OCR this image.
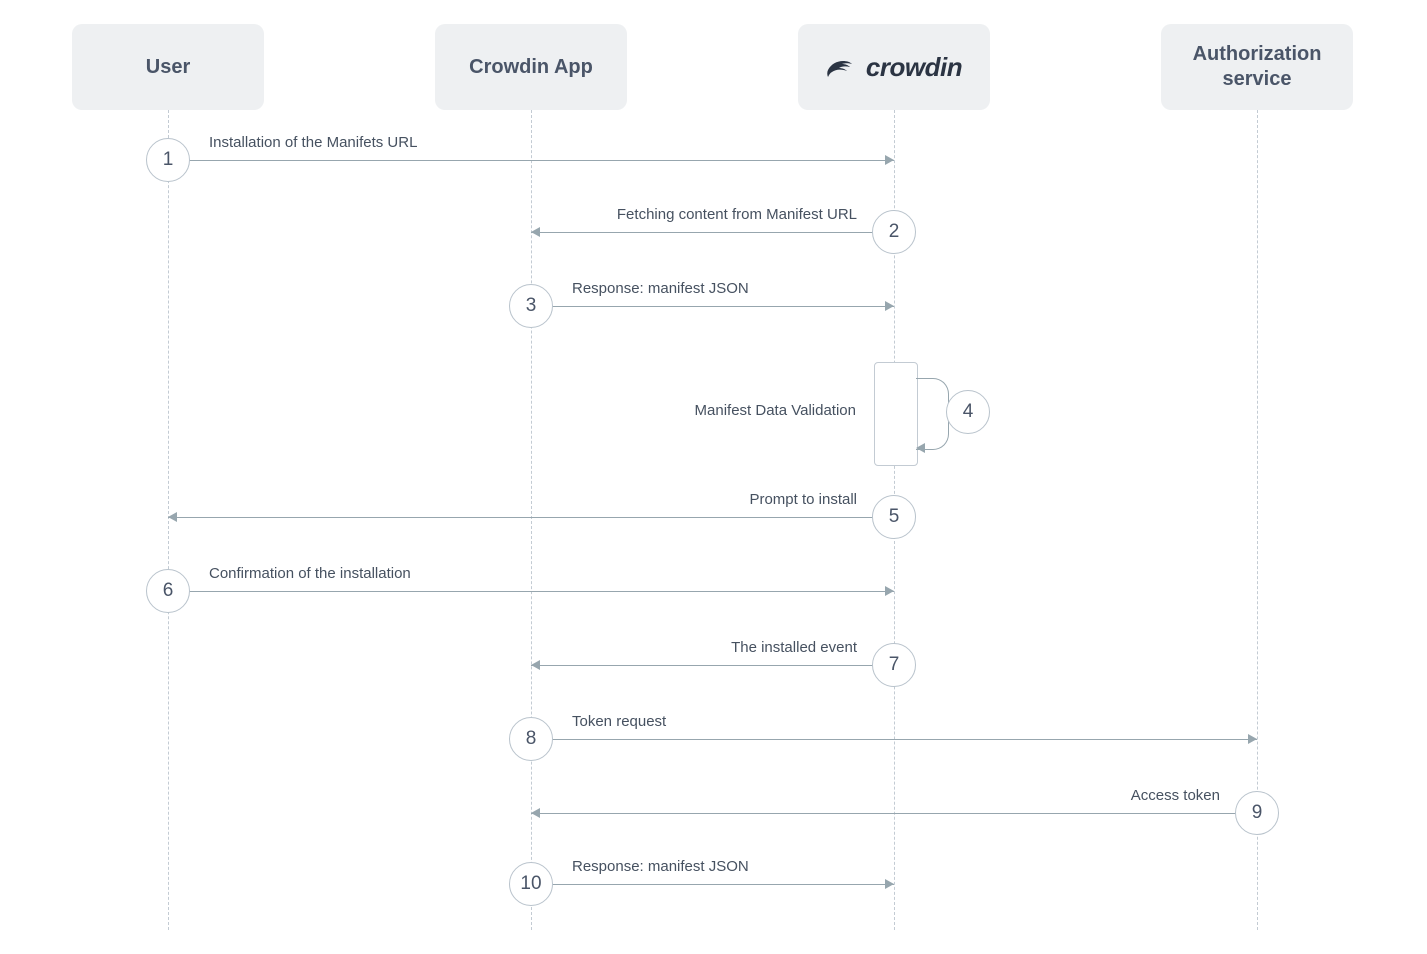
User	Crowdin App	crowdin	Authorization service
Installation of the Manifets URL
1
Fetching content from Manifest URL
2
Response: manifest JSON
3
Manifest Data Validation	4
Prompt to install
5
Confirmation of the installation
6
The installed event
7
Token request
8
Access token
9
Response: manifest JSON
10
